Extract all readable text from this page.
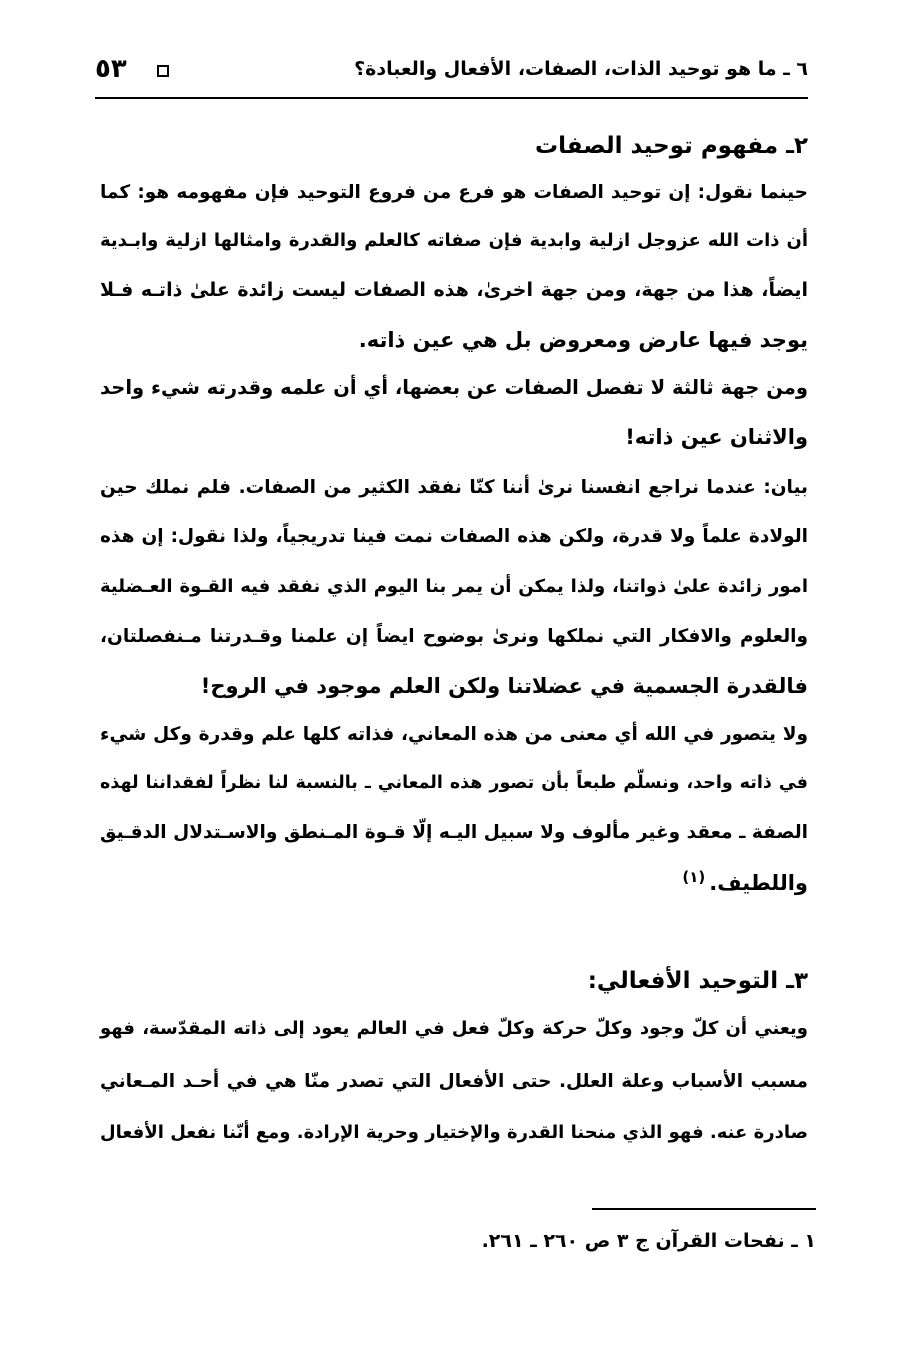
٦ ـ ما هو توحيد الذات، الصفات، الأفعال والعبادة؟
٥٣
٢ـ مفهوم توحيد الصفات
حينما نقول: إن توحيد الصفات هو فرع من فروع التوحيد فإن مفهومه هو: كما
أن ذات الله عزوجل ازلية وابدية فإن صفاته كالعلم والقدرة وامثالها ازلية وابـدية
ايضاً، هذا من جهة، ومن جهة اخرىٰ، هذه الصفات ليست زائدة علىٰ ذاتـه فـلا
يوجد فيها عارض ومعروض بل هي عين ذاته.
ومن جهة ثالثة لا تفصل الصفات عن بعضها، أي أن علمه وقدرته شيء واحد
والاثنان عين ذاته!
بيان: عندما نراجع انفسنا نرىٰ أننا كنّا نفقد الكثير من الصفات. فلم نملك حين
الولادة علماً ولا قدرة، ولكن هذه الصفات نمت فينا تدريجياً، ولذا نقول: إن هذه
امور زائدة علىٰ ذواتنا، ولذا يمكن أن يمر بنا اليوم الذي نفقد فيه القـوة العـضلية
والعلوم والافكار التي نملكها ونرىٰ بوضوح ايضاً إن علمنا وقـدرتنا مـنفصلتان،
فالقدرة الجسمية في عضلاتنا ولكن العلم موجود في الروح!
ولا يتصور في الله أي معنى من هذه المعاني، فذاته كلها علم وقدرة وكل شيء
في ذاته واحد، ونسلّم طبعاً بأن تصور هذه المعاني ـ بالنسبة لنا نظراً لفقداننا لهذه
الصفة ـ معقد وغير مألوف ولا سبيل اليـه إلّا قـوة المـنطق والاسـتدلال الدقـيق
واللطيف.$^{(١)}$
٣ـ التوحيد الأفعالي:
ويعني أن كلّ وجود وكلّ حركة وكلّ فعل في العالم يعود إلى ذاته المقدّسة، فهو
مسبب الأسباب وعلة العلل. حتى الأفعال التي تصدر منّا هي في أحـد المـعاني
صادرة عنه. فهو الذي منحنا القدرة والإختيار وحرية الإرادة. ومع أنّنا نفعل الأفعال
١ ـ نفحات القرآن ج ٣ ص ٢٦٠ ـ ٢٦١.
